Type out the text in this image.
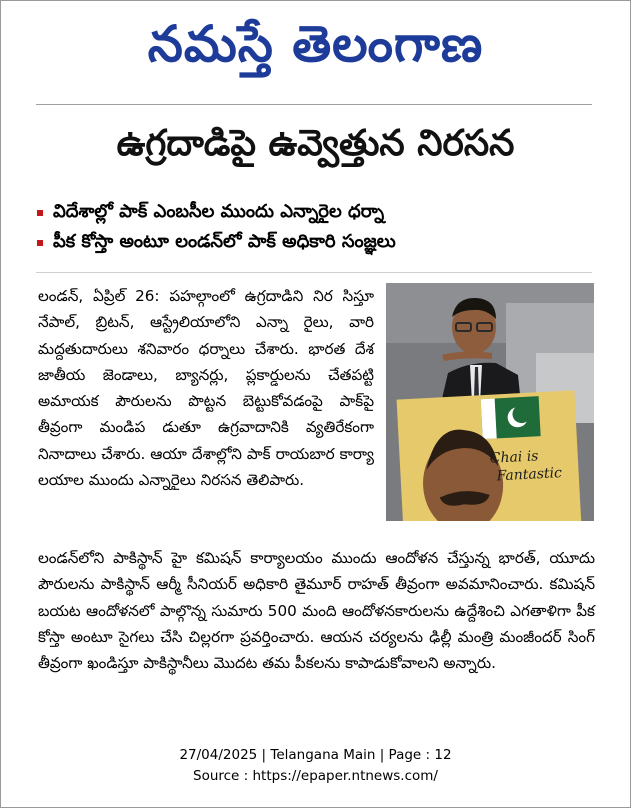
నమస్తే తెలంగాణ
ఉగ్రదాడిపై ఉవ్వెత్తున నిరసన
విదేశాల్లో పాక్ ఎంబసీల ముందు ఎన్నారైల ధర్నా
పీక కోస్తా అంటూ లండన్‌లో పాక్ అధికారి సంజ్ఞలు

లండన్, ఏప్రిల్ 26: పహల్గాంలో ఉగ్రదాడిని నిర సిస్తూ నేపాల్, బ్రిటన్, ఆస్ట్రేలియాలోని ఎన్నా రైలు, వారి మద్దతుదారులు శనివారం ధర్నాలు చేశారు. భారత దేశ జాతీయ జెండాలు, బ్యానర్లు, ప్లకార్డులను చేతపట్టి అమాయక పౌరులను పొట్టన బెట్టుకోవడంపై పాక్‌పై తీవ్రంగా మండిప డుతూ ఉగ్రవాదానికి వ్యతిరేకంగా నినాదాలు చేశారు. ఆయా దేశాల్లోని పాక్ రాయబార కార్యా లయాల ముందు ఎన్నారైలు నిరసన తెలిపారు.

Chai is
Fantastic

లండన్‌లోని పాకిస్థాన్ హై కమిషన్ కార్యాలయం ముందు ఆందోళన చేస్తున్న భారత్, యూదు పౌరులను పాకిస్థాన్ ఆర్మీ సీనియర్ అధికారి తైమూర్ రాహత్ తీవ్రంగా అవమానించారు. కమిషన్ బయట ఆందోళనలో పాల్గొన్న సుమారు 500 మంది ఆందోళనకారులను ఉద్దేశించి ఎగతాళిగా పీక కోస్తా అంటూ సైగలు చేసి చిల్లరగా ప్రవర్తించారు. ఆయన చర్యలను ఢిల్లీ మంత్రి మంజీందర్ సింగ్ తీవ్రంగా ఖండిస్తూ పాకిస్థానీలు మొదట తమ పీకలను కాపాడుకోవాలని అన్నారు.

27/04/2025 | Telangana Main | Page : 12
Source : https://epaper.ntnews.com/
